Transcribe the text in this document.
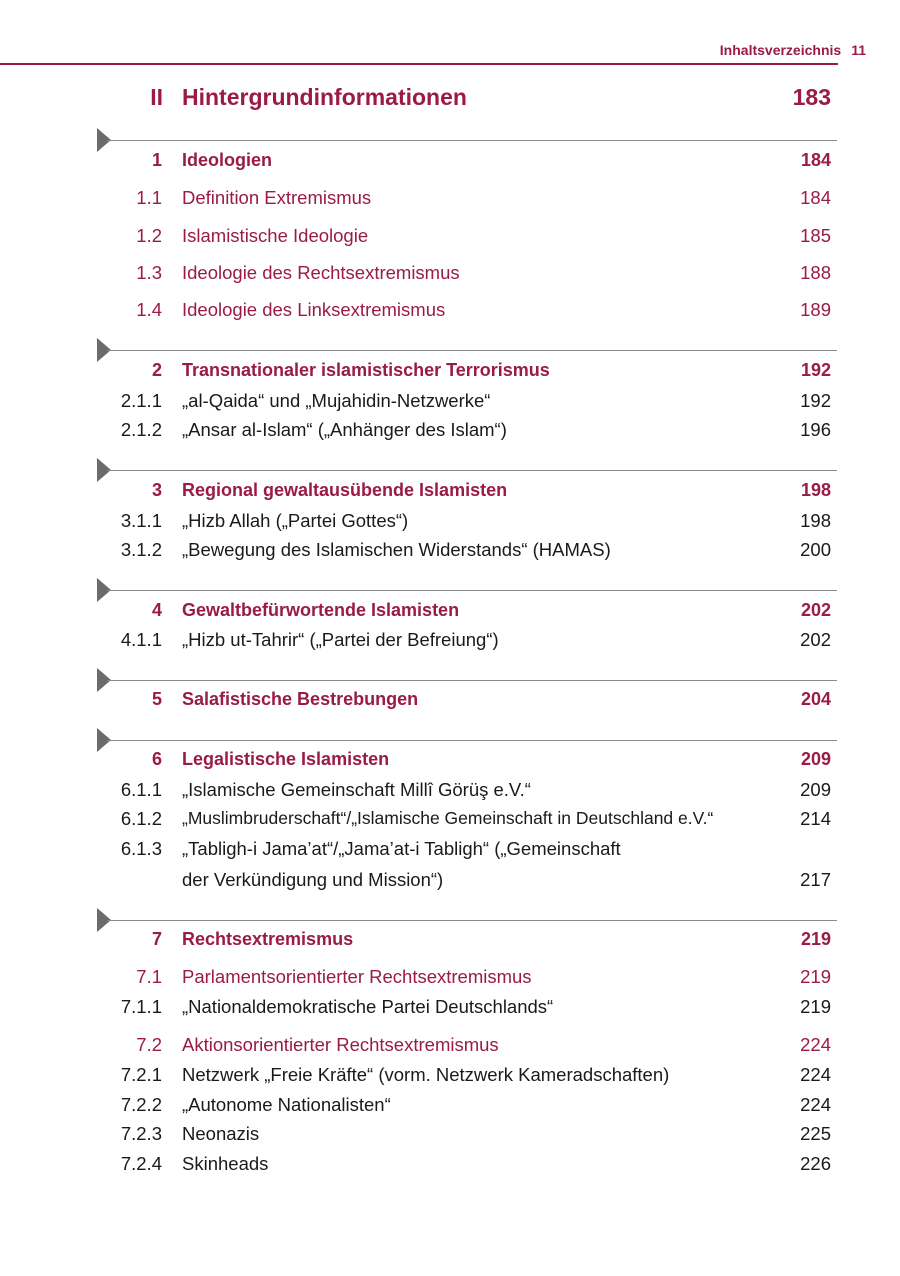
Inhaltsverzeichnis 11
II Hintergrundinformationen	183
1 Ideologien	184
1.1 Definition Extremismus	184
1.2 Islamistische Ideologie	185
1.3 Ideologie des Rechtsextremismus	188
1.4 Ideologie des Linksextremismus	189
2 Transnationaler islamistischer Terrorismus	192
2.1.1 „al-Qaida“ und „Mujahidin-Netzwerke“	192
2.1.2 „Ansar al-Islam“ („Anhänger des Islam“)	196
3 Regional gewaltausübende Islamisten	198
3.1.1 „Hizb Allah („Partei Gottes“)	198
3.1.2 „Bewegung des Islamischen Widerstands“ (HAMAS)	200
4 Gewaltbefürwortende Islamisten	202
4.1.1 „Hizb ut-Tahrir“ („Partei der Befreiung“)	202
5 Salafistische Bestrebungen	204
6 Legalistische Islamisten	209
6.1.1 „Islamische Gemeinschaft Millî Görüş e.V.“	209
6.1.2 „Muslimbruderschaft“/„Islamische Gemeinschaft in Deutschland e.V.“	214
6.1.3 „Tabligh-i Jama’at“/„Jama’at-i Tabligh“ („Gemeinschaft
der Verkündigung und Mission“)	217
7 Rechtsextremismus	219
7.1 Parlamentsorientierter Rechtsextremismus	219
7.1.1 „Nationaldemokratische Partei Deutschlands“	219
7.2 Aktionsorientierter Rechtsextremismus	224
7.2.1 Netzwerk „Freie Kräfte“ (vorm. Netzwerk Kameradschaften)	224
7.2.2 „Autonome Nationalisten“	224
7.2.3 Neonazis	225
7.2.4 Skinheads	226
